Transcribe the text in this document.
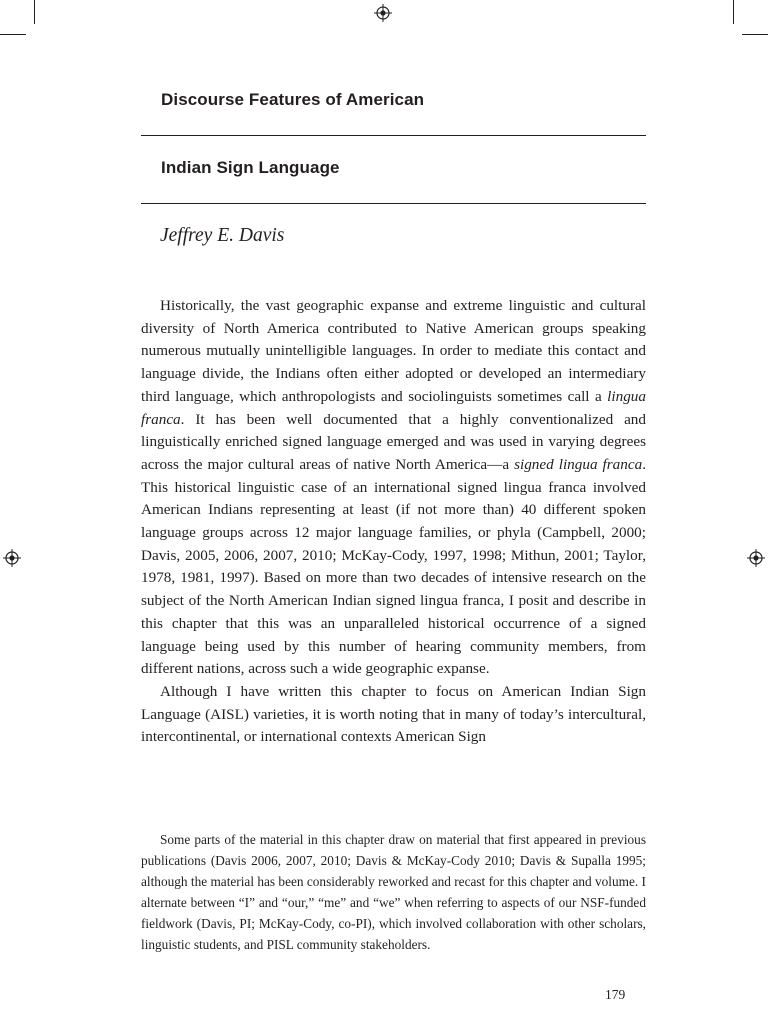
Discourse Features of American
Indian Sign Language

Jeffrey E. Davis

Historically, the vast geographic expanse and extreme linguistic and cultural diversity of North America contributed to Native American groups speaking numerous mutually unintelligible languages. In order to mediate this contact and language divide, the Indians often either adopted or developed an intermediary third language, which anthropologists and sociolinguists sometimes call a lingua franca. It has been well documented that a highly conventionalized and linguistically enriched signed language emerged and was used in varying degrees across the major cultural areas of native North America—a signed lingua franca. This historical linguistic case of an international signed lingua franca involved American Indians representing at least (if not more than) 40 different spoken language groups across 12 major language families, or phyla (Campbell, 2000; Davis, 2005, 2006, 2007, 2010; McKay-Cody, 1997, 1998; Mithun, 2001; Taylor, 1978, 1981, 1997). Based on more than two decades of intensive research on the subject of the North American Indian signed lingua franca, I posit and describe in this chapter that this was an unparalleled historical occurrence of a signed language being used by this number of hearing community members, from different nations, across such a wide geographic expanse.

Although I have written this chapter to focus on American Indian Sign Language (AISL) varieties, it is worth noting that in many of today’s intercultural, intercontinental, or international contexts American Sign

Some parts of the material in this chapter draw on material that first appeared in previous publications (Davis 2006, 2007, 2010; Davis & McKay-Cody 2010; Davis & Supalla 1995; although the material has been considerably reworked and recast for this chapter and volume. I alternate between “I” and “our,” “me” and “we” when referring to aspects of our NSF-funded fieldwork (Davis, PI; McKay-Cody, co-PI), which involved collaboration with other scholars, linguistic students, and PISL community stakeholders.

179
